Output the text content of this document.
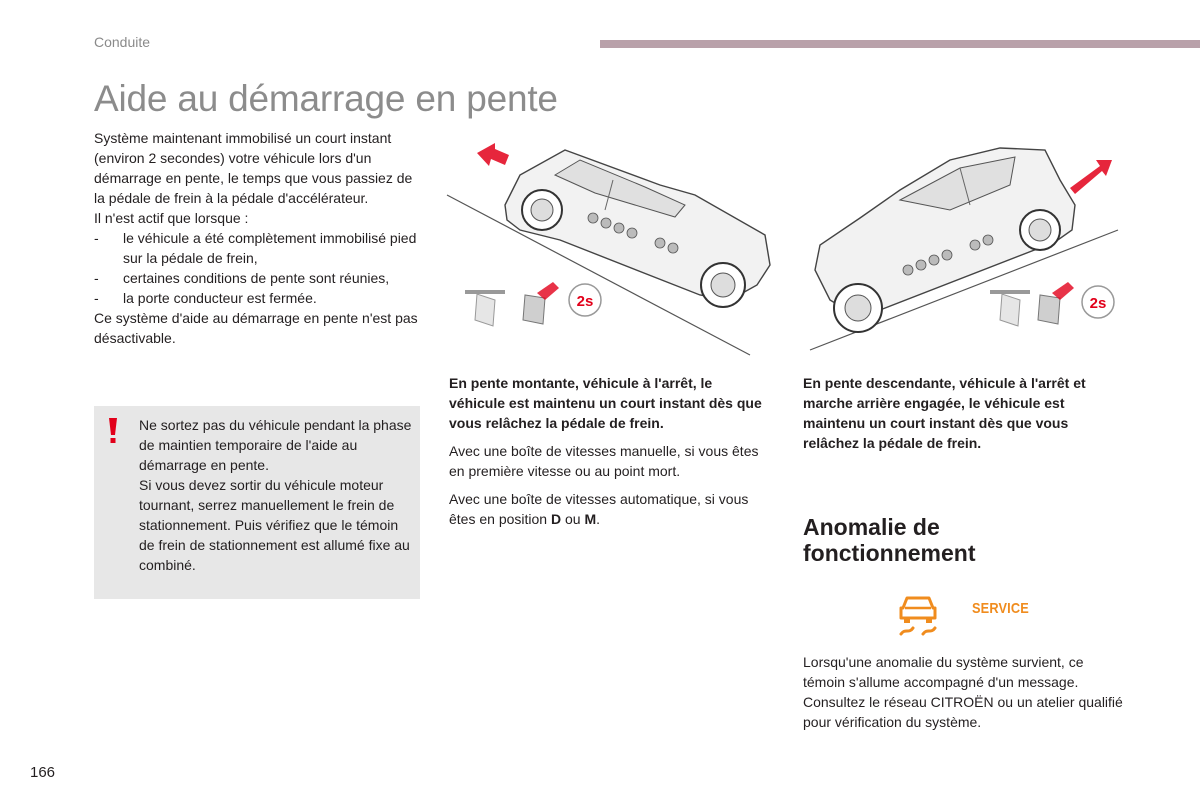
Conduite
Aide au démarrage en pente

Système maintenant immobilisé un court instant (environ 2 secondes) votre véhicule lors d'un démarrage en pente, le temps que vous passiez de la pédale de frein à la pédale d'accélérateur.

Il n'est actif que lorsque :

- le véhicule a été complètement immobilisé pied sur la pédale de frein,
- certaines conditions de pente sont réunies,
- la porte conducteur est fermée.

Ce système d'aide au démarrage en pente n'est pas désactivable.

Ne sortez pas du véhicule pendant la phase de maintien temporaire de l'aide au démarrage en pente.

Si vous devez sortir du véhicule moteur tournant, serrez manuellement le frein de stationnement. Puis vérifiez que le témoin de frein de stationnement est allumé fixe au combiné.

2s	2s

En pente montante, véhicule à l'arrêt, le véhicule est maintenu un court instant dès que vous relâchez la pédale de frein.

Avec une boîte de vitesses manuelle, si vous êtes en première vitesse ou au point mort.

Avec une boîte de vitesses automatique, si vous êtes en position D ou M.

En pente descendante, véhicule à l'arrêt et marche arrière engagée, le véhicule est maintenu un court instant dès que vous relâchez la pédale de frein.

Anomalie de
fonctionnement
SERVICE

Lorsqu'une anomalie du système survient, ce témoin s'allume accompagné d'un message. Consultez le réseau CITROËN ou un atelier qualifié pour vérification du système.

166
